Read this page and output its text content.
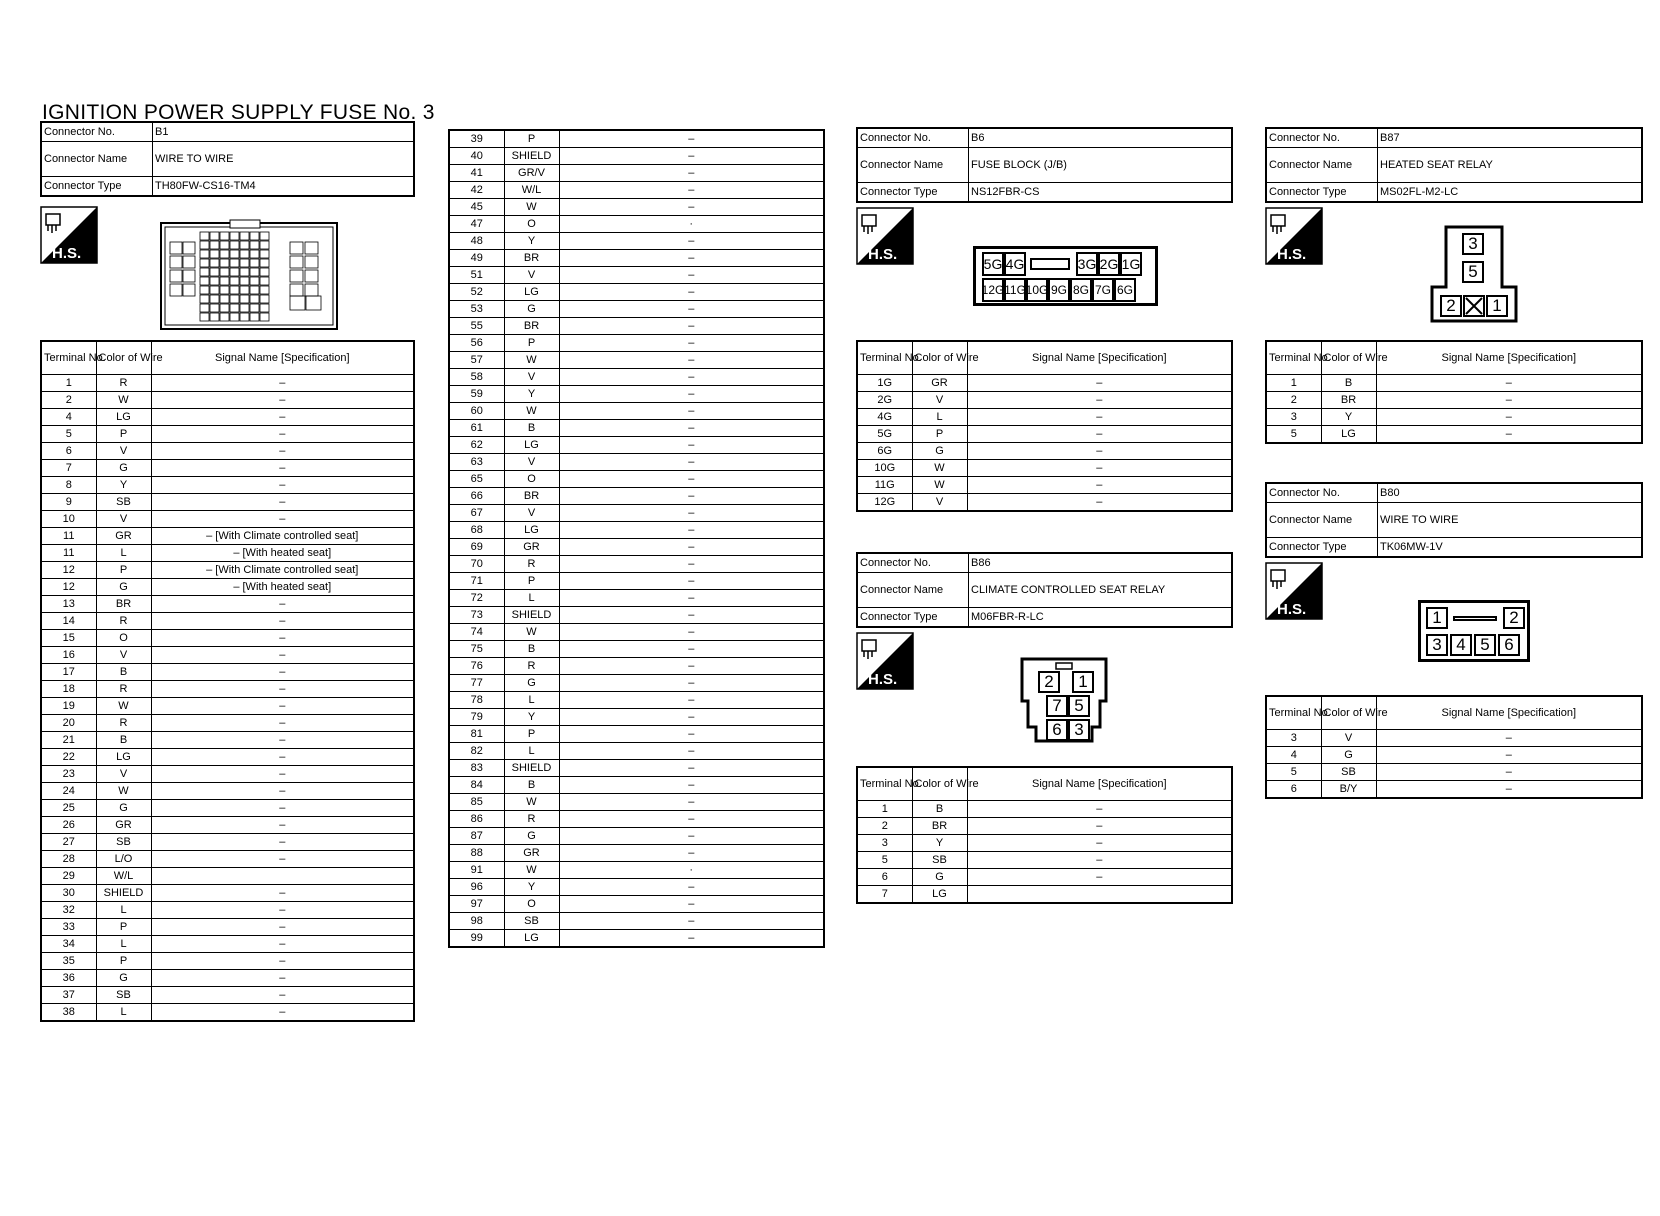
IGNITION POWER SUPPLY FUSE No. 3
Connector No.	B1
Connector Name	WIRE TO WIRE
Connector Type	TH80FW-CS16-TM4
H.S.
Terminal No.	Color of Wire	Signal Name [Specification]
1	R	–
2	W	–
4	LG	–
5	P	–
6	V	–
7	G	–
8	Y	–
9	SB	–
10	V	–
11	GR	– [With Climate controlled seat]
11	L	– [With heated seat]
12	P	– [With Climate controlled seat]
12	G	– [With heated seat]
13	BR	–
14	R	–
15	O	–
16	V	–
17	B	–
18	R	–
19	W	–
20	R	–
21	B	–
22	LG	–
23	V	–
24	W	–
25	G	–
26	GR	–
27	SB	–
28	L/O	–
29	W/L	
30	SHIELD	–
32	L	–
33	P	–
34	L	–
35	P	–
36	G	–
37	SB	–
38	L	–
39	P	–
40	SHIELD	–
41	GR/V	–
42	W/L	–
45	W	–
47	O	·
48	Y	–
49	BR	–
51	V	–
52	LG	–
53	G	–
55	BR	–
56	P	–
57	W	–
58	V	–
59	Y	–
60	W	–
61	B	–
62	LG	–
63	V	–
65	O	–
66	BR	–
67	V	–
68	LG	–
69	GR	–
70	R	–
71	P	–
72	L	–
73	SHIELD	–
74	W	–
75	B	–
76	R	–
77	G	–
78	L	–
79	Y	–
81	P	–
82	L	–
83	SHIELD	–
84	B	–
85	W	–
86	R	–
87	G	–
88	GR	–
91	W	·
96	Y	–
97	O	–
98	SB	–
99	LG	–
Connector No.	B6
Connector Name	FUSE BLOCK (J/B)
Connector Type	NS12FBR-CS
H.S.
5G 4G	3G 2G 1G
12G 11G 10G 9G 8G 7G 6G
Terminal No.	Color of Wire	Signal Name [Specification]
1G	GR	–
2G	V	–
4G	L	–
5G	P	–
6G	G	–
10G	W	–
11G	W	–
12G	V	–
Connector No.	B86
Connector Name	CLIMATE CONTROLLED SEAT RELAY
Connector Type	M06FBR-R-LC
H.S.	2	1
7 5
6 3
Terminal No.	Color of Wire	Signal Name [Specification]
1	B	–
2	BR	–
3	Y	–
5	SB	–
6	G	–
7	LG	
Connector No.	B87
Connector Name	HEATED SEAT RELAY
Connector Type	MS02FL-M2-LC
H.S.
3
5
2	1
Terminal No.	Color of Wire	Signal Name [Specification]
1	B	–
2	BR	–
3	Y	–
5	LG	–
Connector No.	B80
Connector Name	WIRE TO WIRE
Connector Type	TK06MW-1V
H.S.	1	2
3 4 5 6
Terminal No.	Color of Wire	Signal Name [Specification]
3	V	–
4	G	–
5	SB	–
6	B/Y	–
